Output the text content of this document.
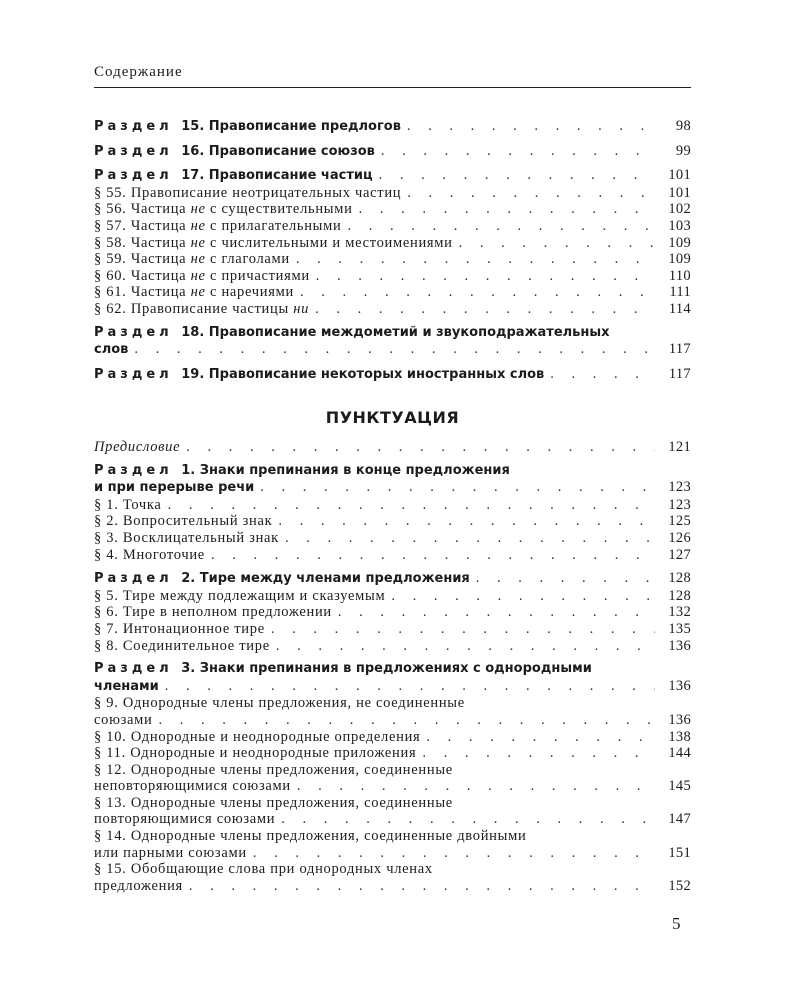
Содержание
Раздел 15. Правописание предлогов . . .	98
Раздел 16. Правописание союзов . . .	99
Раздел 17. Правописание частиц . . .	101
§ 55. Правописание неотрицательных частиц . . .	101
§ 56. Частица не с существительными . . .	102
§ 57. Частица не с прилагательными . . .	103
§ 58. Частица не с числительными и местоимениями . . .	109
§ 59. Частица не с глаголами . . .	109
§ 60. Частица не с причастиями . . .	110
§ 61. Частица не с наречиями . . .	111
§ 62. Правописание частицы ни . . .	114
Раздел 18. Правописание междометий и звукоподражательных
слов . . .	117
Раздел 19. Правописание некоторых иностранных слов . . .	117
ПУНКТУАЦИЯ
Предисловие . . .	121
Раздел 1. Знаки препинания в конце предложения
и при перерыве речи . . .	123
§ 1. Точка . . .	123
§ 2. Вопросительный знак . . .	125
§ 3. Восклицательный знак . . .	126
§ 4. Многоточие . . .	127
Раздел 2. Тире между членами предложения . . .	128
§ 5. Тире между подлежащим и сказуемым . . .	128
§ 6. Тире в неполном предложении . . .	132
§ 7. Интонационное тире . . .	135
§ 8. Соединительное тире . . .	136
Раздел 3. Знаки препинания в предложениях с однородными
членами . . .	136
§ 9. Однородные члены предложения, не соединенные
союзами . . .	136
§ 10. Однородные и неоднородные определения . . .	138
§ 11. Однородные и неоднородные приложения . . .	144
§ 12. Однородные члены предложения, соединенные
неповторяющимися союзами . . .	145
§ 13. Однородные члены предложения, соединенные
повторяющимися союзами . . .	147
§ 14. Однородные члены предложения, соединенные двойными
или парными союзами . . .	151
§ 15. Обобщающие слова при однородных членах
предложения . . .	152
5
